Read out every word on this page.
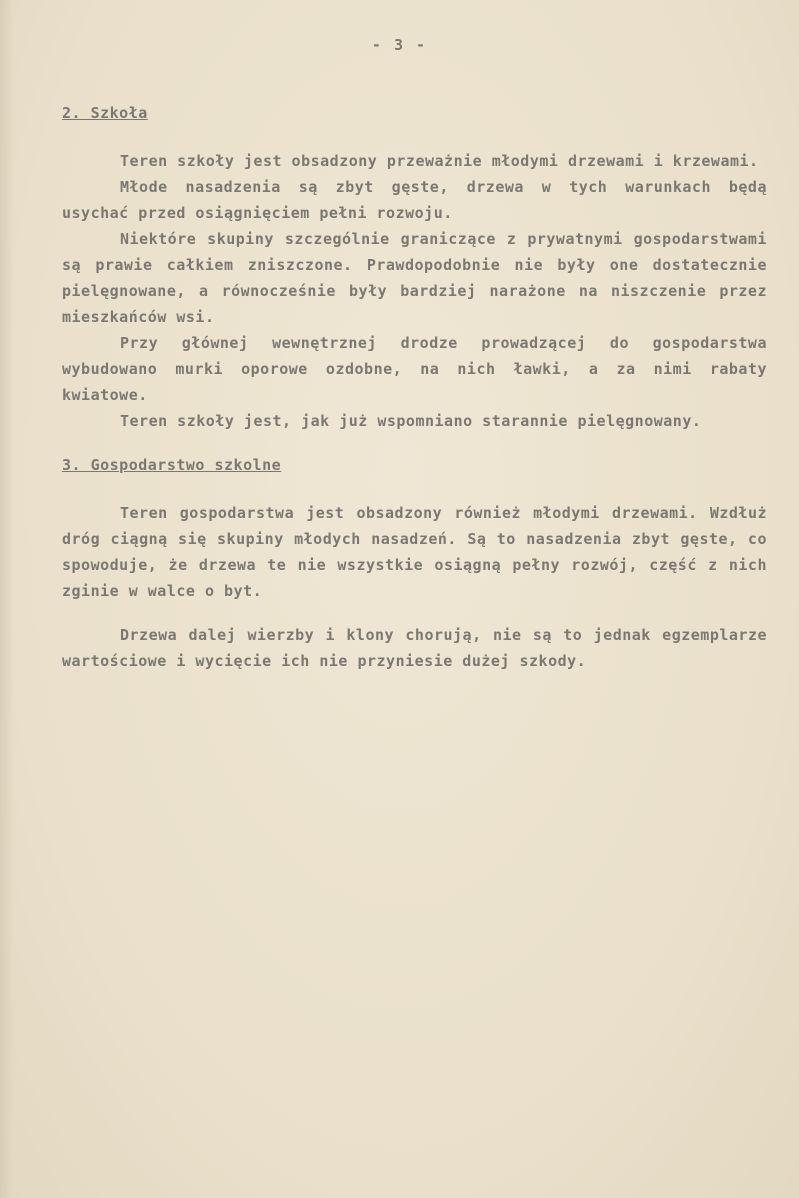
- 3 -

2. Szkoła

Teren szkoły jest obsadzony przeważnie młodymi drzewami i krzewami.

Młode nasadzenia są zbyt gęste, drzewa w tych warunkach będą usychać przed osiągnięciem pełni rozwoju.

Niektóre skupiny szczególnie graniczące z prywatnymi gospodarstwami są prawie całkiem zniszczone. Prawdopodobnie nie były one dostatecznie pielęgnowane, a równocześnie były bardziej narażone na niszczenie przez mieszkańców wsi.

Przy głównej wewnętrznej drodze prowadzącej do gospodarstwa wybudowano murki oporowe ozdobne, na nich ławki, a za nimi rabaty kwiatowe.

Teren szkoły jest, jak już wspomniano starannie pielęgnowany.

3. Gospodarstwo szkolne

Teren gospodarstwa jest obsadzony również młodymi drzewami. Wzdłuż dróg ciągną się skupiny młodych nasadzeń. Są to nasadzenia zbyt gęste, co spowoduje, że drzewa te nie wszystkie osiągną pełny rozwój, część z nich zginie w walce o byt.

Drzewa dalej wierzby i klony chorują, nie są to jednak egzemplarze wartościowe i wycięcie ich nie przyniesie dużej szkody.
